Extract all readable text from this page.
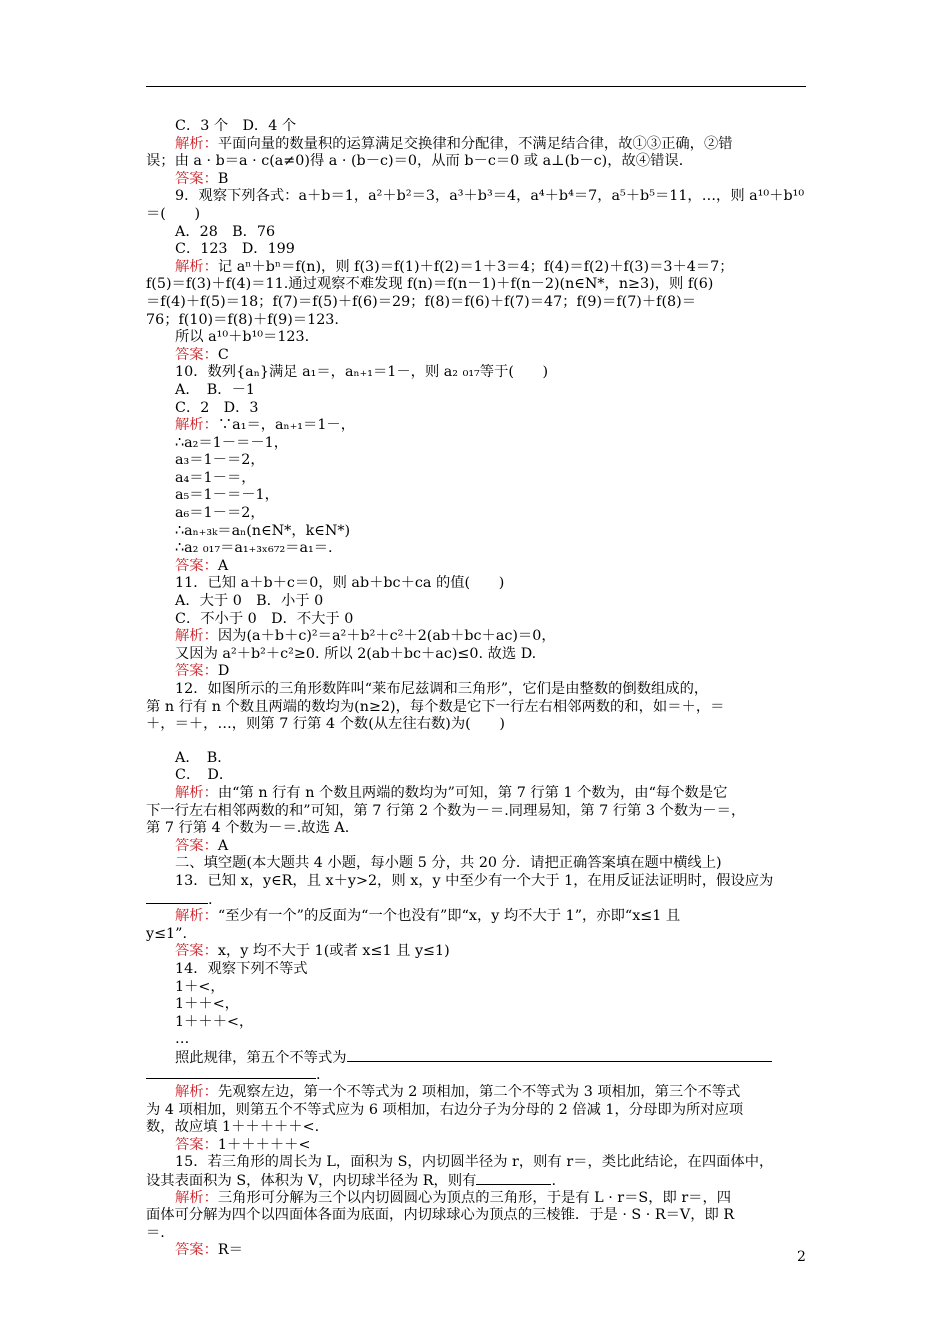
C．3 个　D．4 个
解析：平面向量的数量积的运算满足交换律和分配律，不满足结合律，故①③正确，②错
误；由 a · b＝a · c(a≠0)得 a · (b－c)＝0，从而 b－c＝0 或 a⊥(b－c)，故④错误．
答案：B
9．观察下列各式：a＋b＝1，a²＋b²＝3，a³＋b³＝4，a⁴＋b⁴＝7，a⁵＋b⁵＝11，…，则 a¹⁰＋b¹⁰
＝(　　)
A．28　B．76
C．123　D．199
解析：记 aⁿ＋bⁿ＝f(n)，则 f(3)＝f(1)＋f(2)＝1＋3＝4；f(4)＝f(2)＋f(3)＝3＋4＝7；
f(5)＝f(3)＋f(4)＝11.通过观察不难发现 f(n)＝f(n－1)＋f(n－2)(n∈N*，n≥3)，则 f(6)
＝f(4)＋f(5)＝18；f(7)＝f(5)＋f(6)＝29；f(8)＝f(6)＋f(7)＝47；f(9)＝f(7)＋f(8)＝
76；f(10)＝f(8)＋f(9)＝123.
所以 a¹⁰＋b¹⁰＝123.
答案：C
10．数列{aₙ}满足 a₁＝，aₙ₊₁＝1－，则 a₂ ₀₁₇等于(　　)
A．　B．－1
C．2　D．3
解析：∵a₁＝，aₙ₊₁＝1－，
∴a₂＝1－＝－1，
a₃＝1－＝2，
a₄＝1－＝，
a₅＝1－＝－1，
a₆＝1－＝2，
∴aₙ₊₃ₖ＝aₙ(n∈N*，k∈N*)
∴a₂ ₀₁₇＝a₁₊₃ₓ₆₇₂＝a₁＝.
答案：A
11．已知 a＋b＋c＝0，则 ab＋bc＋ca 的值(　　)
A．大于 0　B．小于 0
C．不小于 0　D．不大于 0
解析：因为(a＋b＋c)²＝a²＋b²＋c²＋2(ab＋bc＋ac)＝0，
又因为 a²＋b²＋c²≥0. 所以 2(ab＋bc＋ac)≤0. 故选 D.
答案：D
12．如图所示的三角形数阵叫“莱布尼兹调和三角形”，它们是由整数的倒数组成的，
第 n 行有 n 个数且两端的数均为(n≥2)，每个数是它下一行左右相邻两数的和，如＝＋，＝
＋，＝＋，…，则第 7 行第 4 个数(从左往右数)为(　　)
A．　B．
C．　D．
解析：由“第 n 行有 n 个数且两端的数均为”可知，第 7 行第 1 个数为，由“每个数是它
下一行左右相邻两数的和”可知，第 7 行第 2 个数为－＝.同理易知，第 7 行第 3 个数为－＝，
第 7 行第 4 个数为－＝.故选 A.
答案：A
二、填空题(本大题共 4 小题，每小题 5 分，共 20 分．请把正确答案填在题中横线上)
13．已知 x，y∈R，且 x＋y>2，则 x，y 中至少有一个大于 1，在用反证法证明时，假设应为
.
解析：“至少有一个”的反面为“一个也没有”即“x，y 均不大于 1”，亦即“x≤1 且
y≤1”.
答案：x，y 均不大于 1(或者 x≤1 且 y≤1)
14．观察下列不等式
1＋<，
1＋＋<，
1＋＋＋<，
…
照此规律，第五个不等式为
.
解析：先观察左边，第一个不等式为 2 项相加，第二个不等式为 3 项相加，第三个不等式
为 4 项相加，则第五个不等式应为 6 项相加，右边分子为分母的 2 倍减 1，分母即为所对应项
数，故应填 1＋＋＋＋＋<.
答案：1＋＋＋＋＋<
15．若三角形的周长为 L，面积为 S，内切圆半径为 r，则有 r＝，类比此结论，在四面体中，
设其表面积为 S，体积为 V，内切球半径为 R，则有	.
解析：三角形可分解为三个以内切圆圆心为顶点的三角形，于是有 L · r＝S，即 r＝，四
面体可分解为四个以四面体各面为底面，内切球球心为顶点的三棱锥．于是 · S · R＝V，即 R
＝.
答案：R＝	2
